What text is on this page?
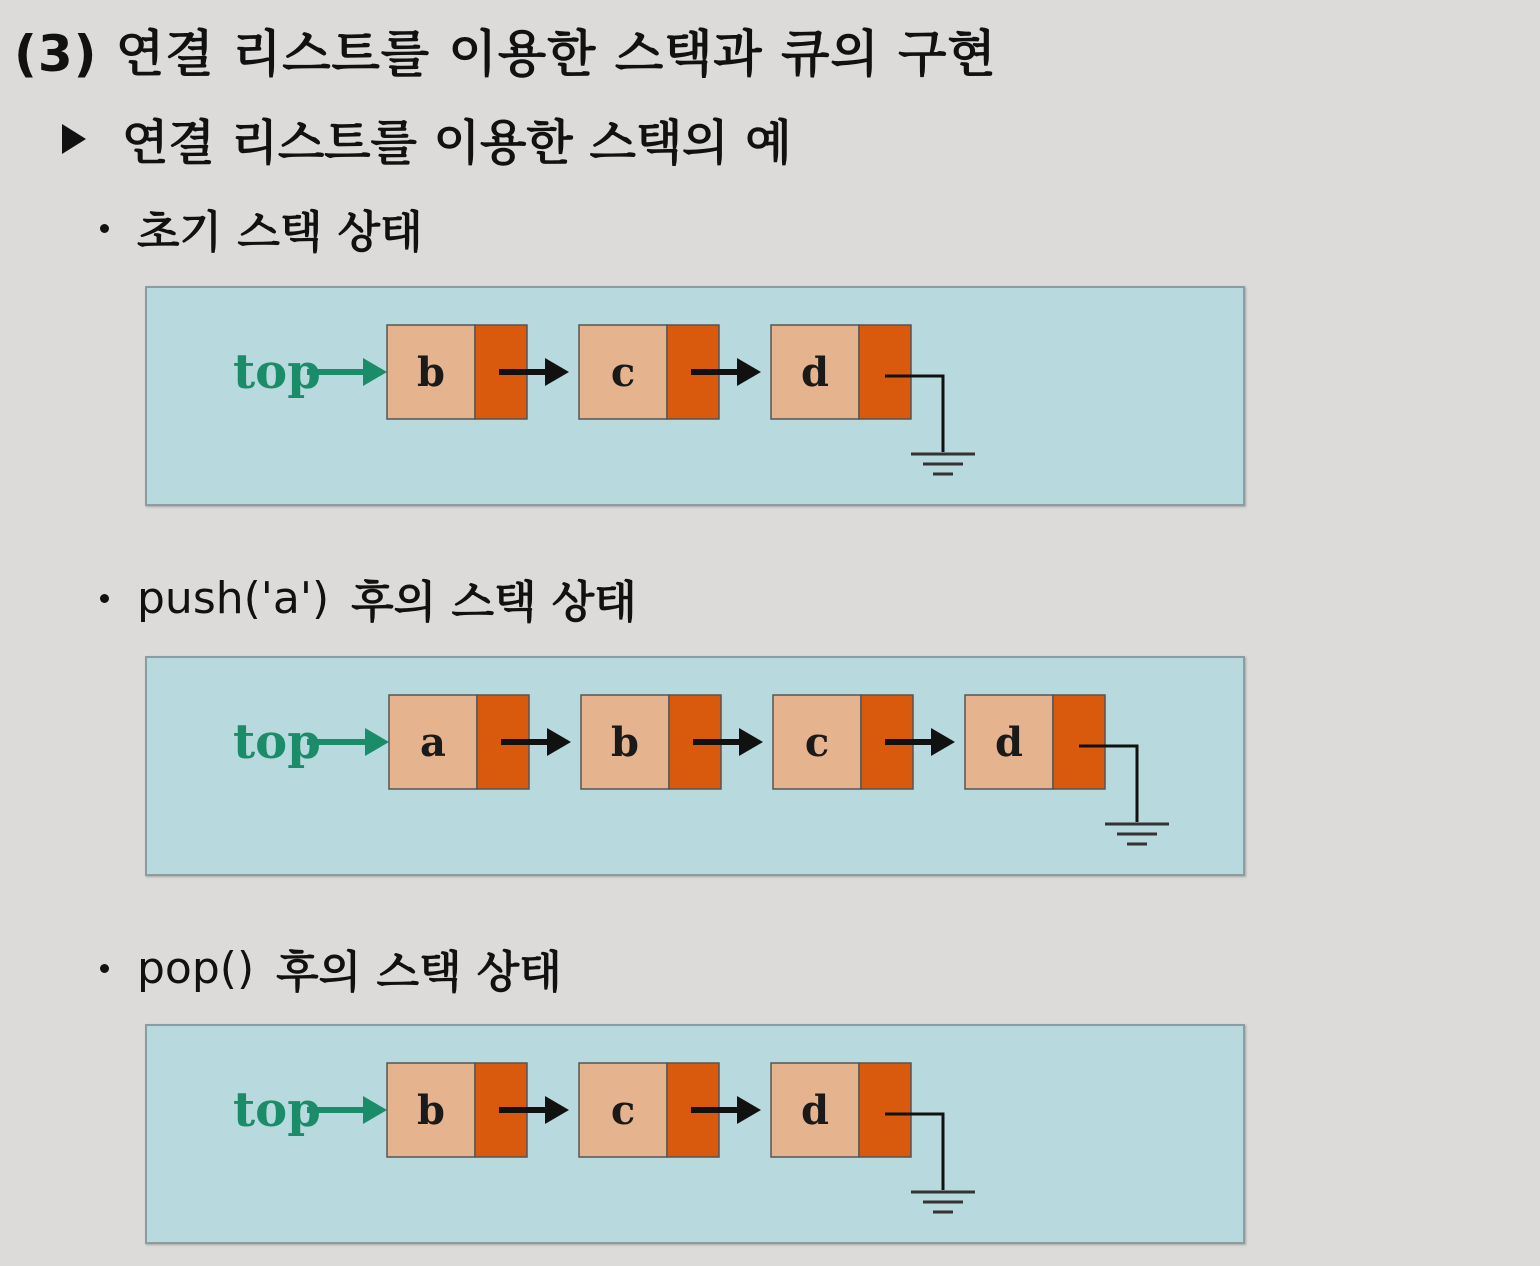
(3) 연결 리스트를 이용한 스택과 큐의 구현
연결 리스트를 이용한 스택의 예
초기 스택 상태
top b	c	d
push('a') 후의 스택 상태
top a	b	c	d
pop() 후의 스택 상태
top b	c	d
